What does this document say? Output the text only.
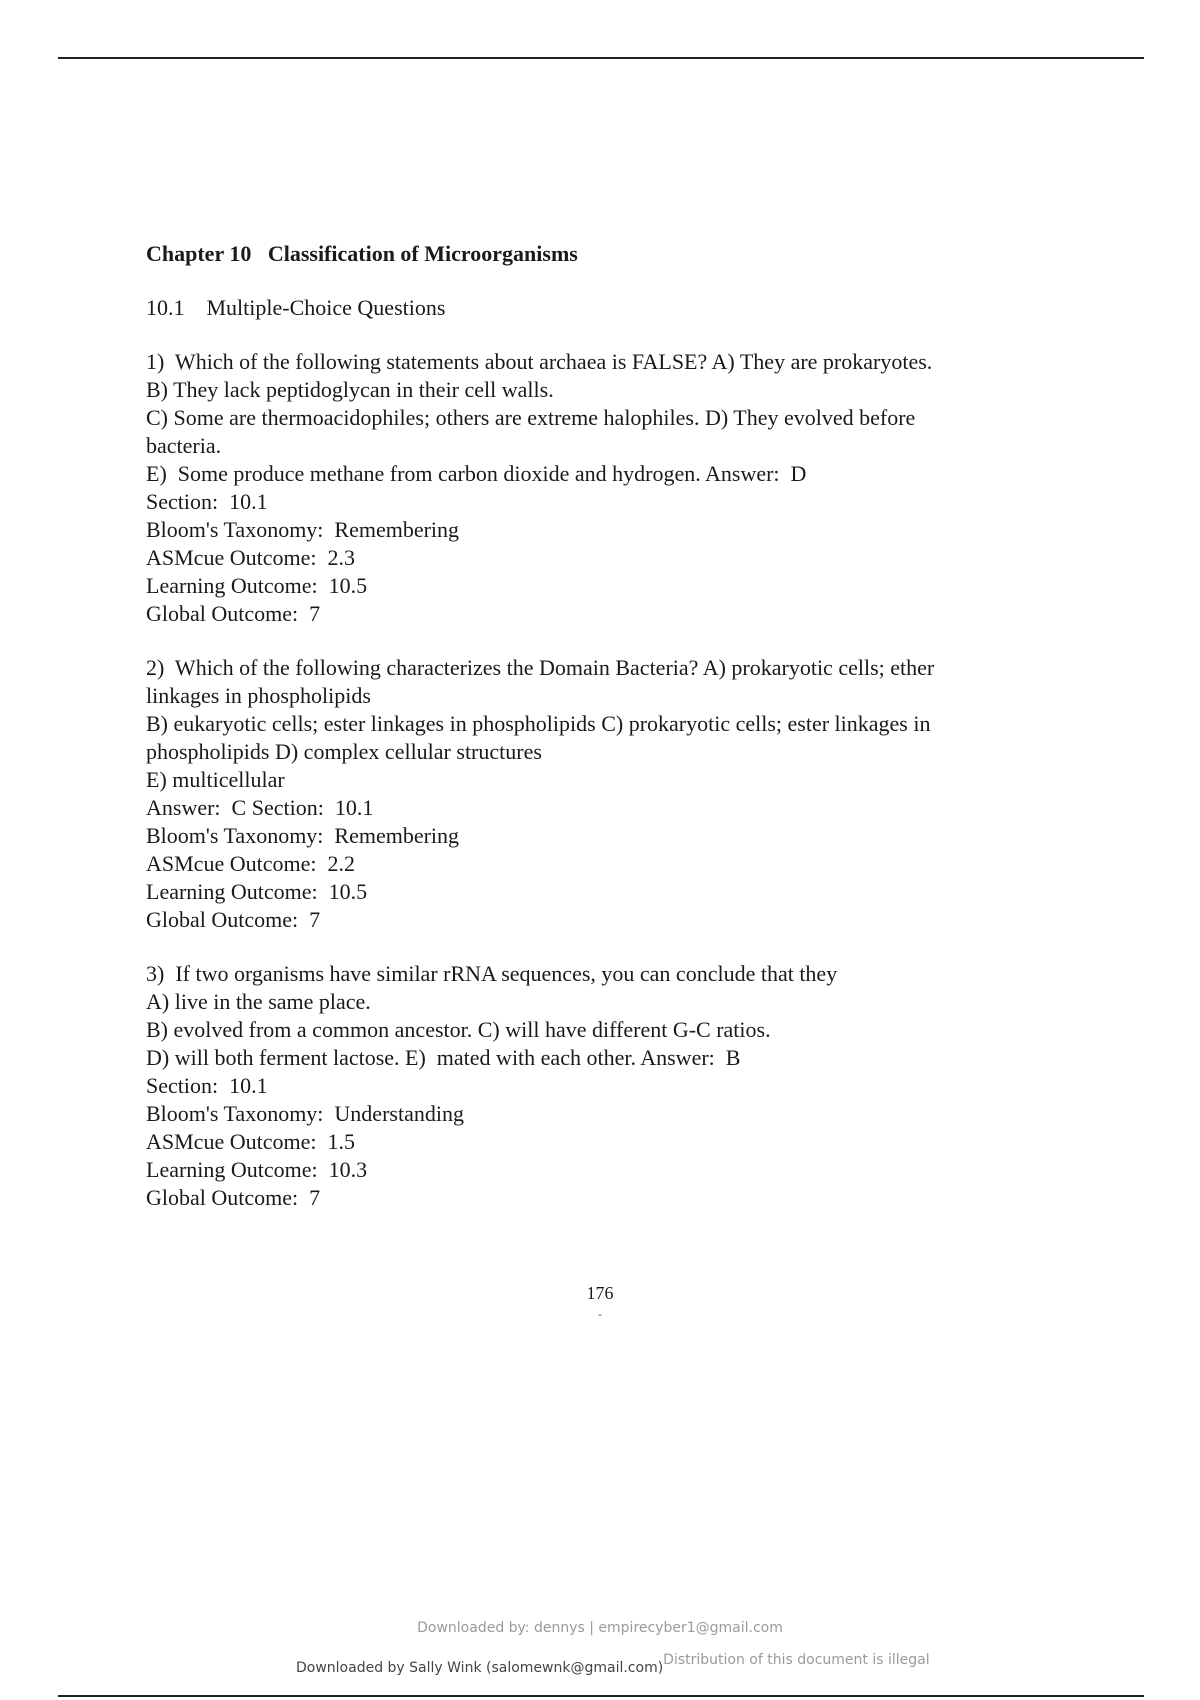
Chapter 10   Classification of Microorganisms
10.1    Multiple-Choice Questions
1)  Which of the following statements about archaea is FALSE? A) They are prokaryotes.
B) They lack peptidoglycan in their cell walls.
C) Some are thermoacidophiles; others are extreme halophiles. D) They evolved before
bacteria.
E)  Some produce methane from carbon dioxide and hydrogen. Answer:  D
Section:  10.1
Bloom's Taxonomy:  Remembering
ASMcue Outcome:  2.3
Learning Outcome:  10.5
Global Outcome:  7
2)  Which of the following characterizes the Domain Bacteria? A) prokaryotic cells; ether
linkages in phospholipids
B) eukaryotic cells; ester linkages in phospholipids C) prokaryotic cells; ester linkages in
phospholipids D) complex cellular structures
E) multicellular
Answer:  C Section:  10.1
Bloom's Taxonomy:  Remembering
ASMcue Outcome:  2.2
Learning Outcome:  10.5
Global Outcome:  7
3)  If two organisms have similar rRNA sequences, you can conclude that they
A) live in the same place.
B) evolved from a common ancestor. C) will have different G-C ratios.
D) will both ferment lactose. E)  mated with each other. Answer:  B
Section:  10.1
Bloom's Taxonomy:  Understanding
ASMcue Outcome:  1.5
Learning Outcome:  10.3
Global Outcome:  7
176
-
Downloaded by: dennys | empirecyber1@gmail.com
Downloaded by Sally Wink (salomewnk@gmail.com)Distribution of this document is illegal
